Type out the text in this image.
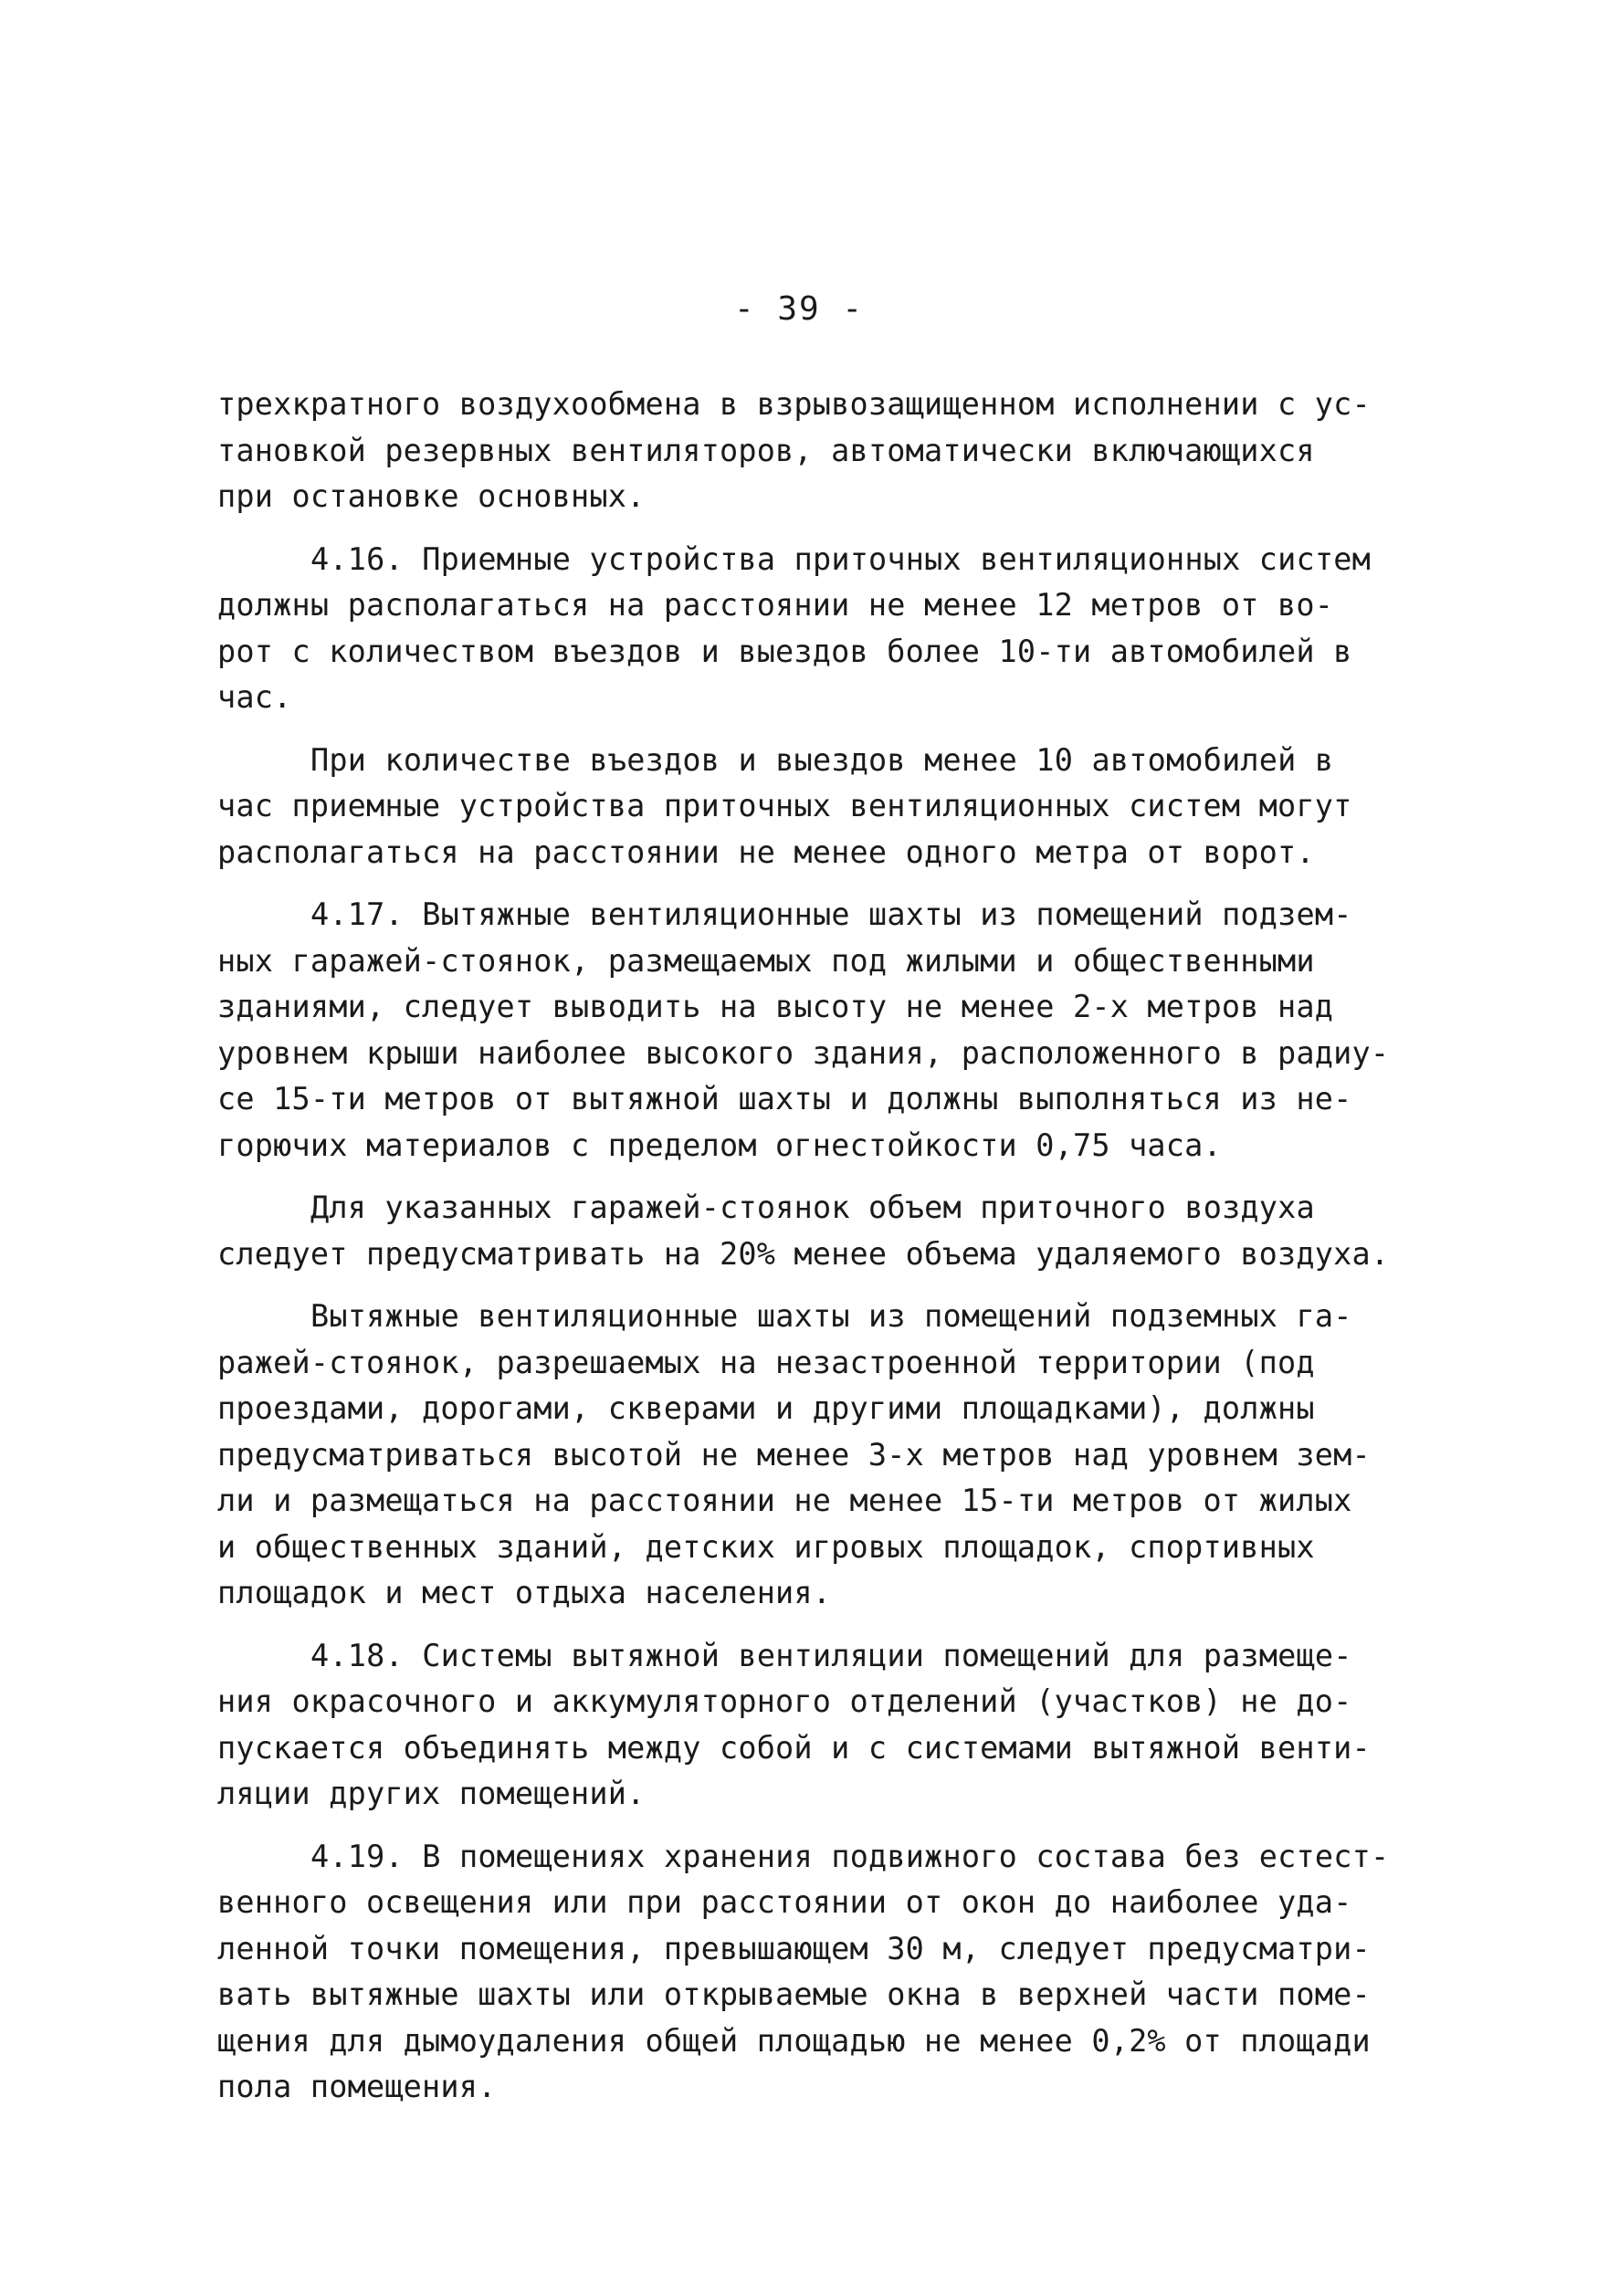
- 39 -
трехкратного воздухообмена в взрывозащищенном исполнении с ус-
тановкой резервных вентиляторов, автоматически включающихся
при остановке основных.
4.16. Приемные устройства приточных вентиляционных систем
должны располагаться на расстоянии не менее 12 метров от во-
рот с количеством въездов и выездов более 10-ти автомобилей в
час.
При количестве въездов и выездов менее 10 автомобилей в
час приемные устройства приточных вентиляционных систем могут
располагаться на расстоянии не менее одного метра от ворот.
4.17. Вытяжные вентиляционные шахты из помещений подзем-
ных гаражей-стоянок, размещаемых под жилыми и общественными
зданиями, следует выводить на высоту не менее 2-х метров над
уровнем крыши наиболее высокого здания, расположенного в радиу-
се 15-ти метров от вытяжной шахты и должны выполняться из не-
горючих материалов с пределом огнестойкости 0,75 часа.
Для указанных гаражей-стоянок объем приточного воздуха
следует предусматривать на 20% менее объема удаляемого воздуха.
Вытяжные вентиляционные шахты из помещений подземных га-
ражей-стоянок, разрешаемых на незастроенной территории (под
проездами, дорогами, скверами и другими площадками), должны
предусматриваться высотой не менее 3-х метров над уровнем зем-
ли и размещаться на расстоянии не менее 15-ти метров от жилых
и общественных зданий, детских игровых площадок, спортивных
площадок и мест отдыха населения.
4.18. Системы вытяжной вентиляции помещений для размеще-
ния окрасочного и аккумуляторного отделений (участков) не до-
пускается объединять между собой и с системами вытяжной венти-
ляции других помещений.
4.19. В помещениях хранения подвижного состава без естест-
венного освещения или при расстоянии от окон до наиболее уда-
ленной точки помещения, превышающем 30 м, следует предусматри-
вать вытяжные шахты или открываемые окна в верхней части поме-
щения для дымоудаления общей площадью не менее 0,2% от площади
пола помещения.
